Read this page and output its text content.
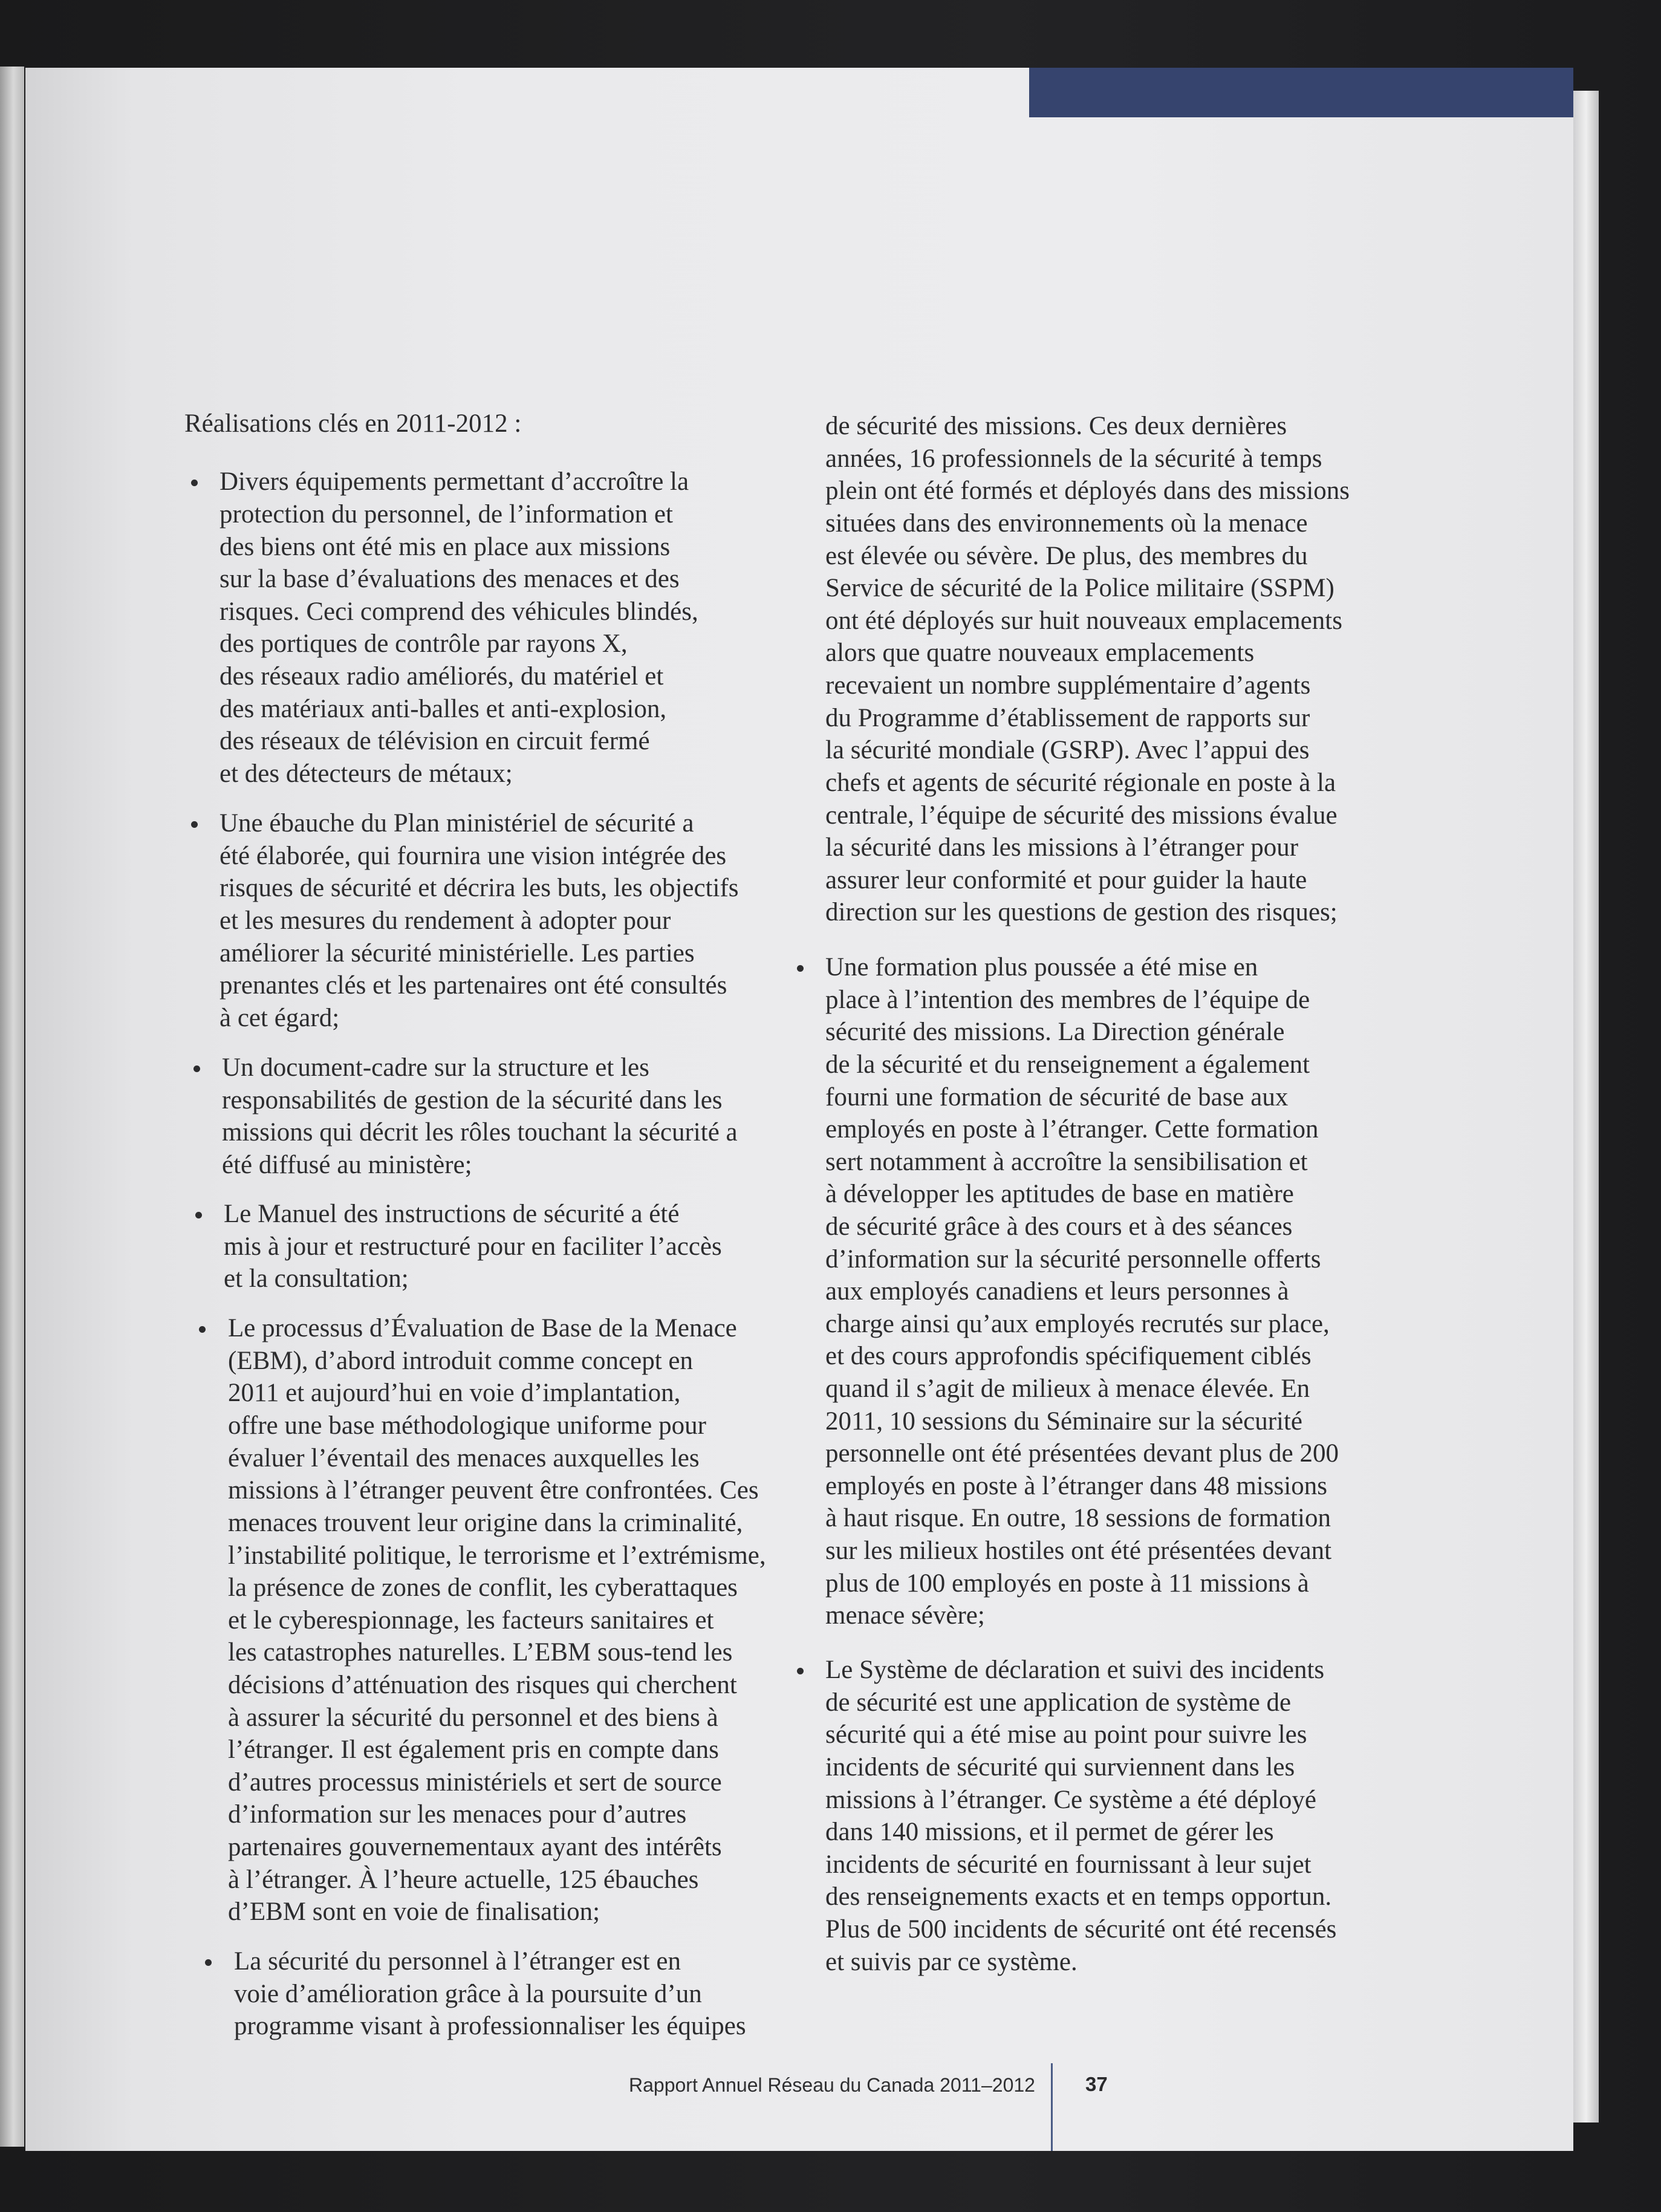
Réalisations clés en 2011-2012 :
Divers équipements permettant d’accroître la
protection du personnel, de l’information et
des biens ont été mis en place aux missions
sur la base d’évaluations des menaces et des
risques. Ceci comprend des véhicules blindés,
des portiques de contrôle par rayons X,
des réseaux radio améliorés, du matériel et
des matériaux anti-balles et anti-explosion,
des réseaux de télévision en circuit fermé
et des détecteurs de métaux;
Une ébauche du Plan ministériel de sécurité a
été élaborée, qui fournira une vision intégrée des
risques de sécurité et décrira les buts, les objectifs
et les mesures du rendement à adopter pour
améliorer la sécurité ministérielle. Les parties
prenantes clés et les partenaires ont été consultés
à cet égard;
Un document-cadre sur la structure et les
responsabilités de gestion de la sécurité dans les
missions qui décrit les rôles touchant la sécurité a
été diffusé au ministère;
Le Manuel des instructions de sécurité a été
mis à jour et restructuré pour en faciliter l’accès
et la consultation;
Le processus d’Évaluation de Base de la Menace
(EBM), d’abord introduit comme concept en
2011 et aujourd’hui en voie d’implantation,
offre une base méthodologique uniforme pour
évaluer l’éventail des menaces auxquelles les
missions à l’étranger peuvent être confrontées. Ces
menaces trouvent leur origine dans la criminalité,
l’instabilité politique, le terrorisme et l’extrémisme,
la présence de zones de conflit, les cyberattaques
et le cyberespionnage, les facteurs sanitaires et
les catastrophes naturelles. L’EBM sous-tend les
décisions d’atténuation des risques qui cherchent
à assurer la sécurité du personnel et des biens à
l’étranger. Il est également pris en compte dans
d’autres processus ministériels et sert de source
d’information sur les menaces pour d’autres
partenaires gouvernementaux ayant des intérêts
à l’étranger. À l’heure actuelle, 125 ébauches
d’EBM sont en voie de finalisation;
La sécurité du personnel à l’étranger est en
voie d’amélioration grâce à la poursuite d’un
programme visant à professionnaliser les équipes
de sécurité des missions. Ces deux dernières
années, 16 professionnels de la sécurité à temps
plein ont été formés et déployés dans des missions
situées dans des environnements où la menace
est élevée ou sévère. De plus, des membres du
Service de sécurité de la Police militaire (SSPM)
ont été déployés sur huit nouveaux emplacements
alors que quatre nouveaux emplacements
recevaient un nombre supplémentaire d’agents
du Programme d’établissement de rapports sur
la sécurité mondiale (GSRP). Avec l’appui des
chefs et agents de sécurité régionale en poste à la
centrale, l’équipe de sécurité des missions évalue
la sécurité dans les missions à l’étranger pour
assurer leur conformité et pour guider la haute
direction sur les questions de gestion des risques;
Une formation plus poussée a été mise en
place à l’intention des membres de l’équipe de
sécurité des missions. La Direction générale
de la sécurité et du renseignement a également
fourni une formation de sécurité de base aux
employés en poste à l’étranger. Cette formation
sert notamment à accroître la sensibilisation et
à développer les aptitudes de base en matière
de sécurité grâce à des cours et à des séances
d’information sur la sécurité personnelle offerts
aux employés canadiens et leurs personnes à
charge ainsi qu’aux employés recrutés sur place,
et des cours approfondis spécifiquement ciblés
quand il s’agit de milieux à menace élevée. En
2011, 10 sessions du Séminaire sur la sécurité
personnelle ont été présentées devant plus de 200
employés en poste à l’étranger dans 48 missions
à haut risque. En outre, 18 sessions de formation
sur les milieux hostiles ont été présentées devant
plus de 100 employés en poste à 11 missions à
menace sévère;
Le Système de déclaration et suivi des incidents
de sécurité est une application de système de
sécurité qui a été mise au point pour suivre les
incidents de sécurité qui surviennent dans les
missions à l’étranger. Ce système a été déployé
dans 140 missions, et il permet de gérer les
incidents de sécurité en fournissant à leur sujet
des renseignements exacts et en temps opportun.
Plus de 500 incidents de sécurité ont été recensés
et suivis par ce système.
Rapport Annuel Réseau du Canada 2011–2012	37
